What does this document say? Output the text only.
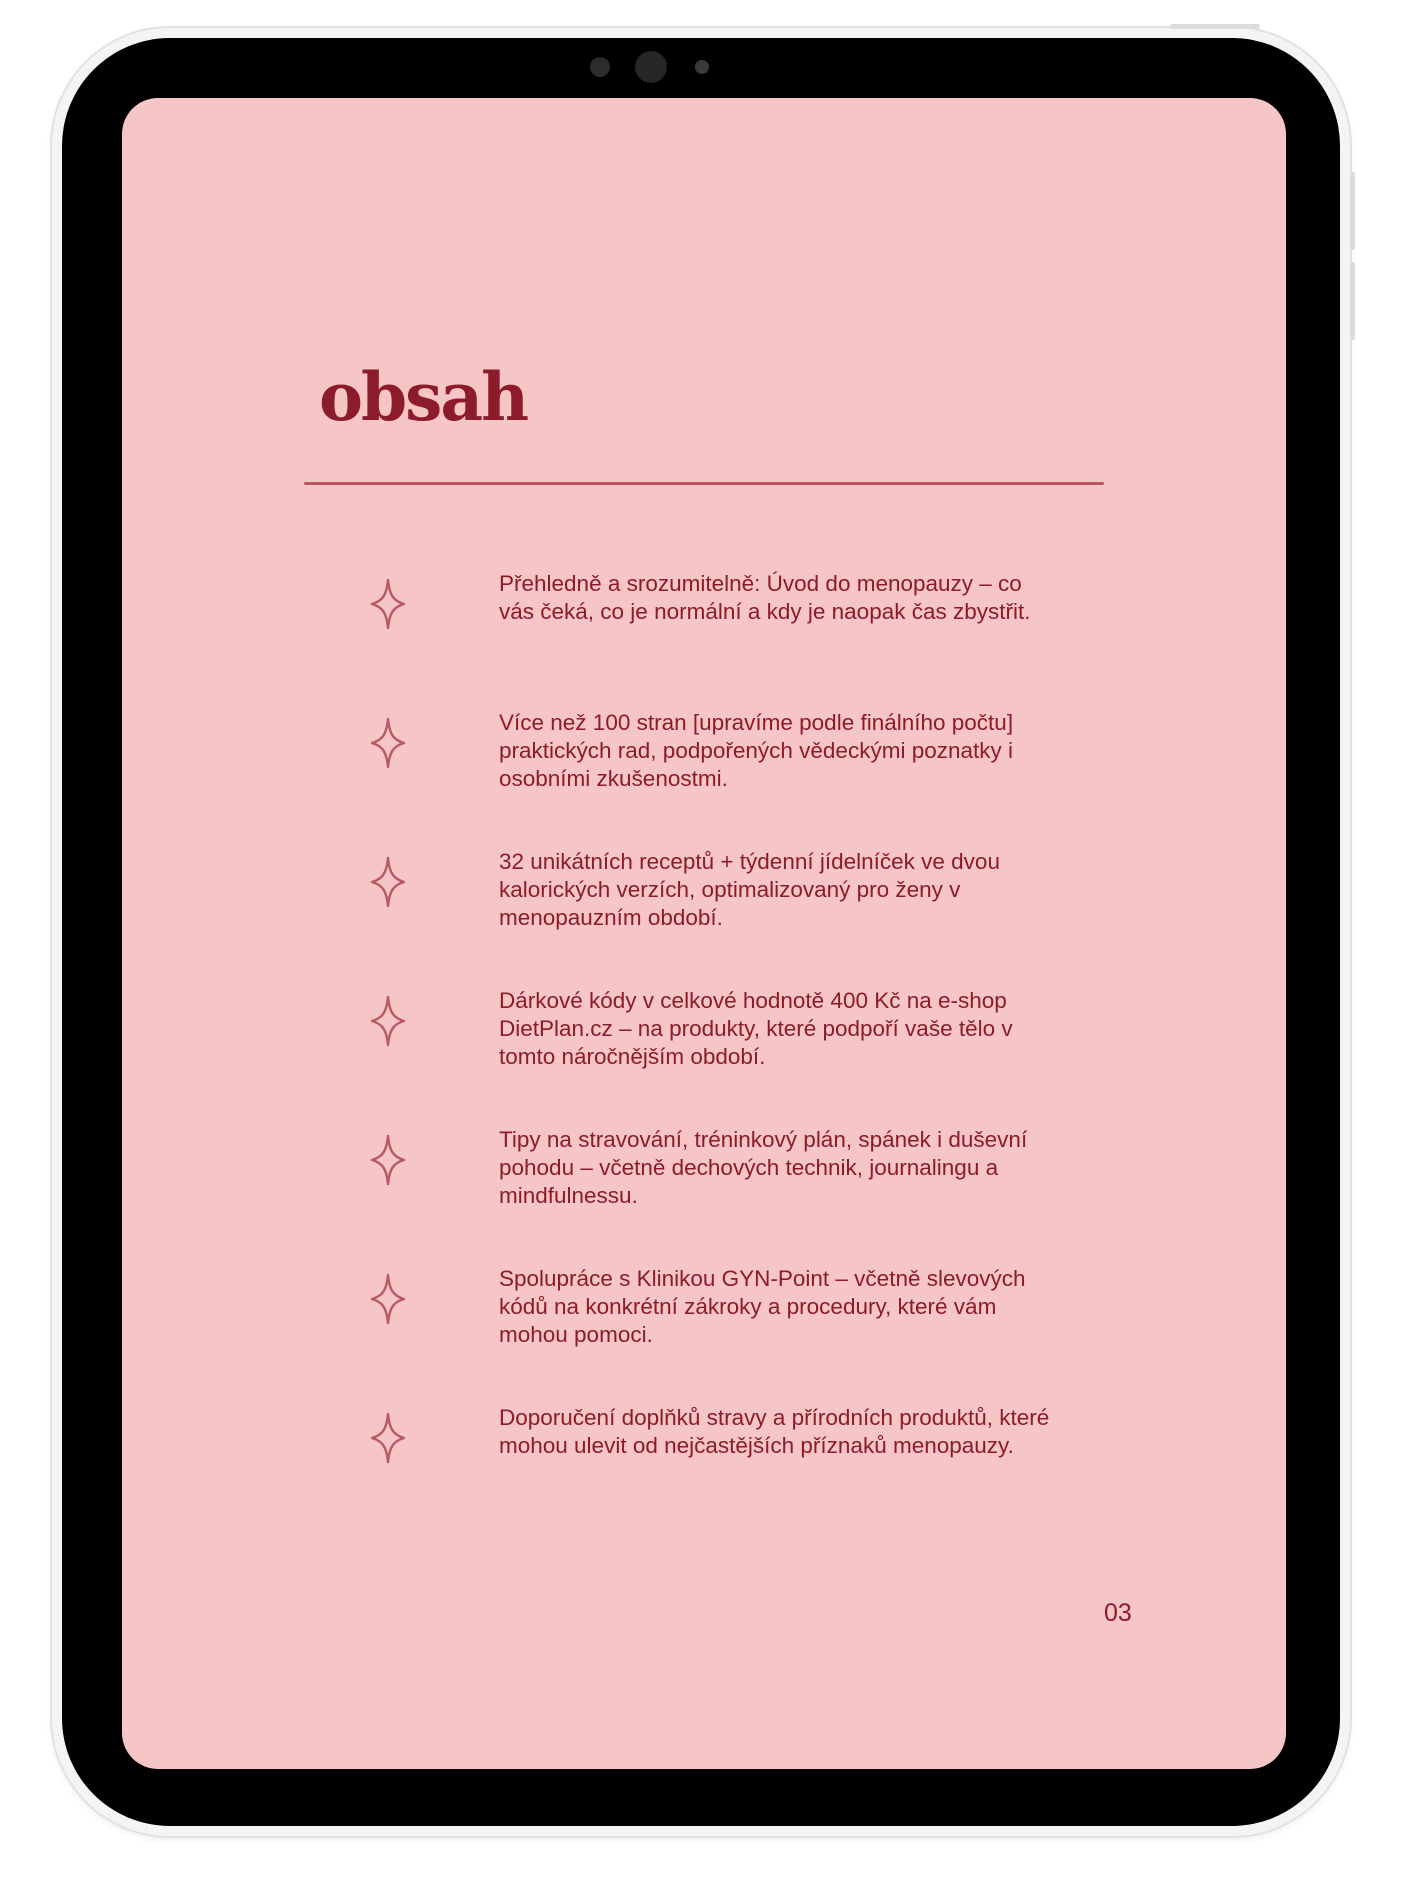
obsah

Přehledně a srozumitelně: Úvod do menopauzy – co vás čeká, co je normální a kdy je naopak čas zbystřit.

Více než 100 stran [upravíme podle finálního počtu] praktických rad, podpořených vědeckými poznatky i osobními zkušenostmi.

32 unikátních receptů + týdenní jídelníček ve dvou kalorických verzích, optimalizovaný pro ženy v menopauzním období.

Dárkové kódy v celkové hodnotě 400 Kč na e-shop DietPlan.cz – na produkty, které podpoří vaše tělo v tomto náročnějším období.

Tipy na stravování, tréninkový plán, spánek i duševní pohodu – včetně dechových technik, journalingu a mindfulnessu.

Spolupráce s Klinikou GYN-Point – včetně slevových kódů na konkrétní zákroky a procedury, které vám mohou pomoci.

Doporučení doplňků stravy a přírodních produktů, které mohou ulevit od nejčastějších příznaků menopauzy.

03
